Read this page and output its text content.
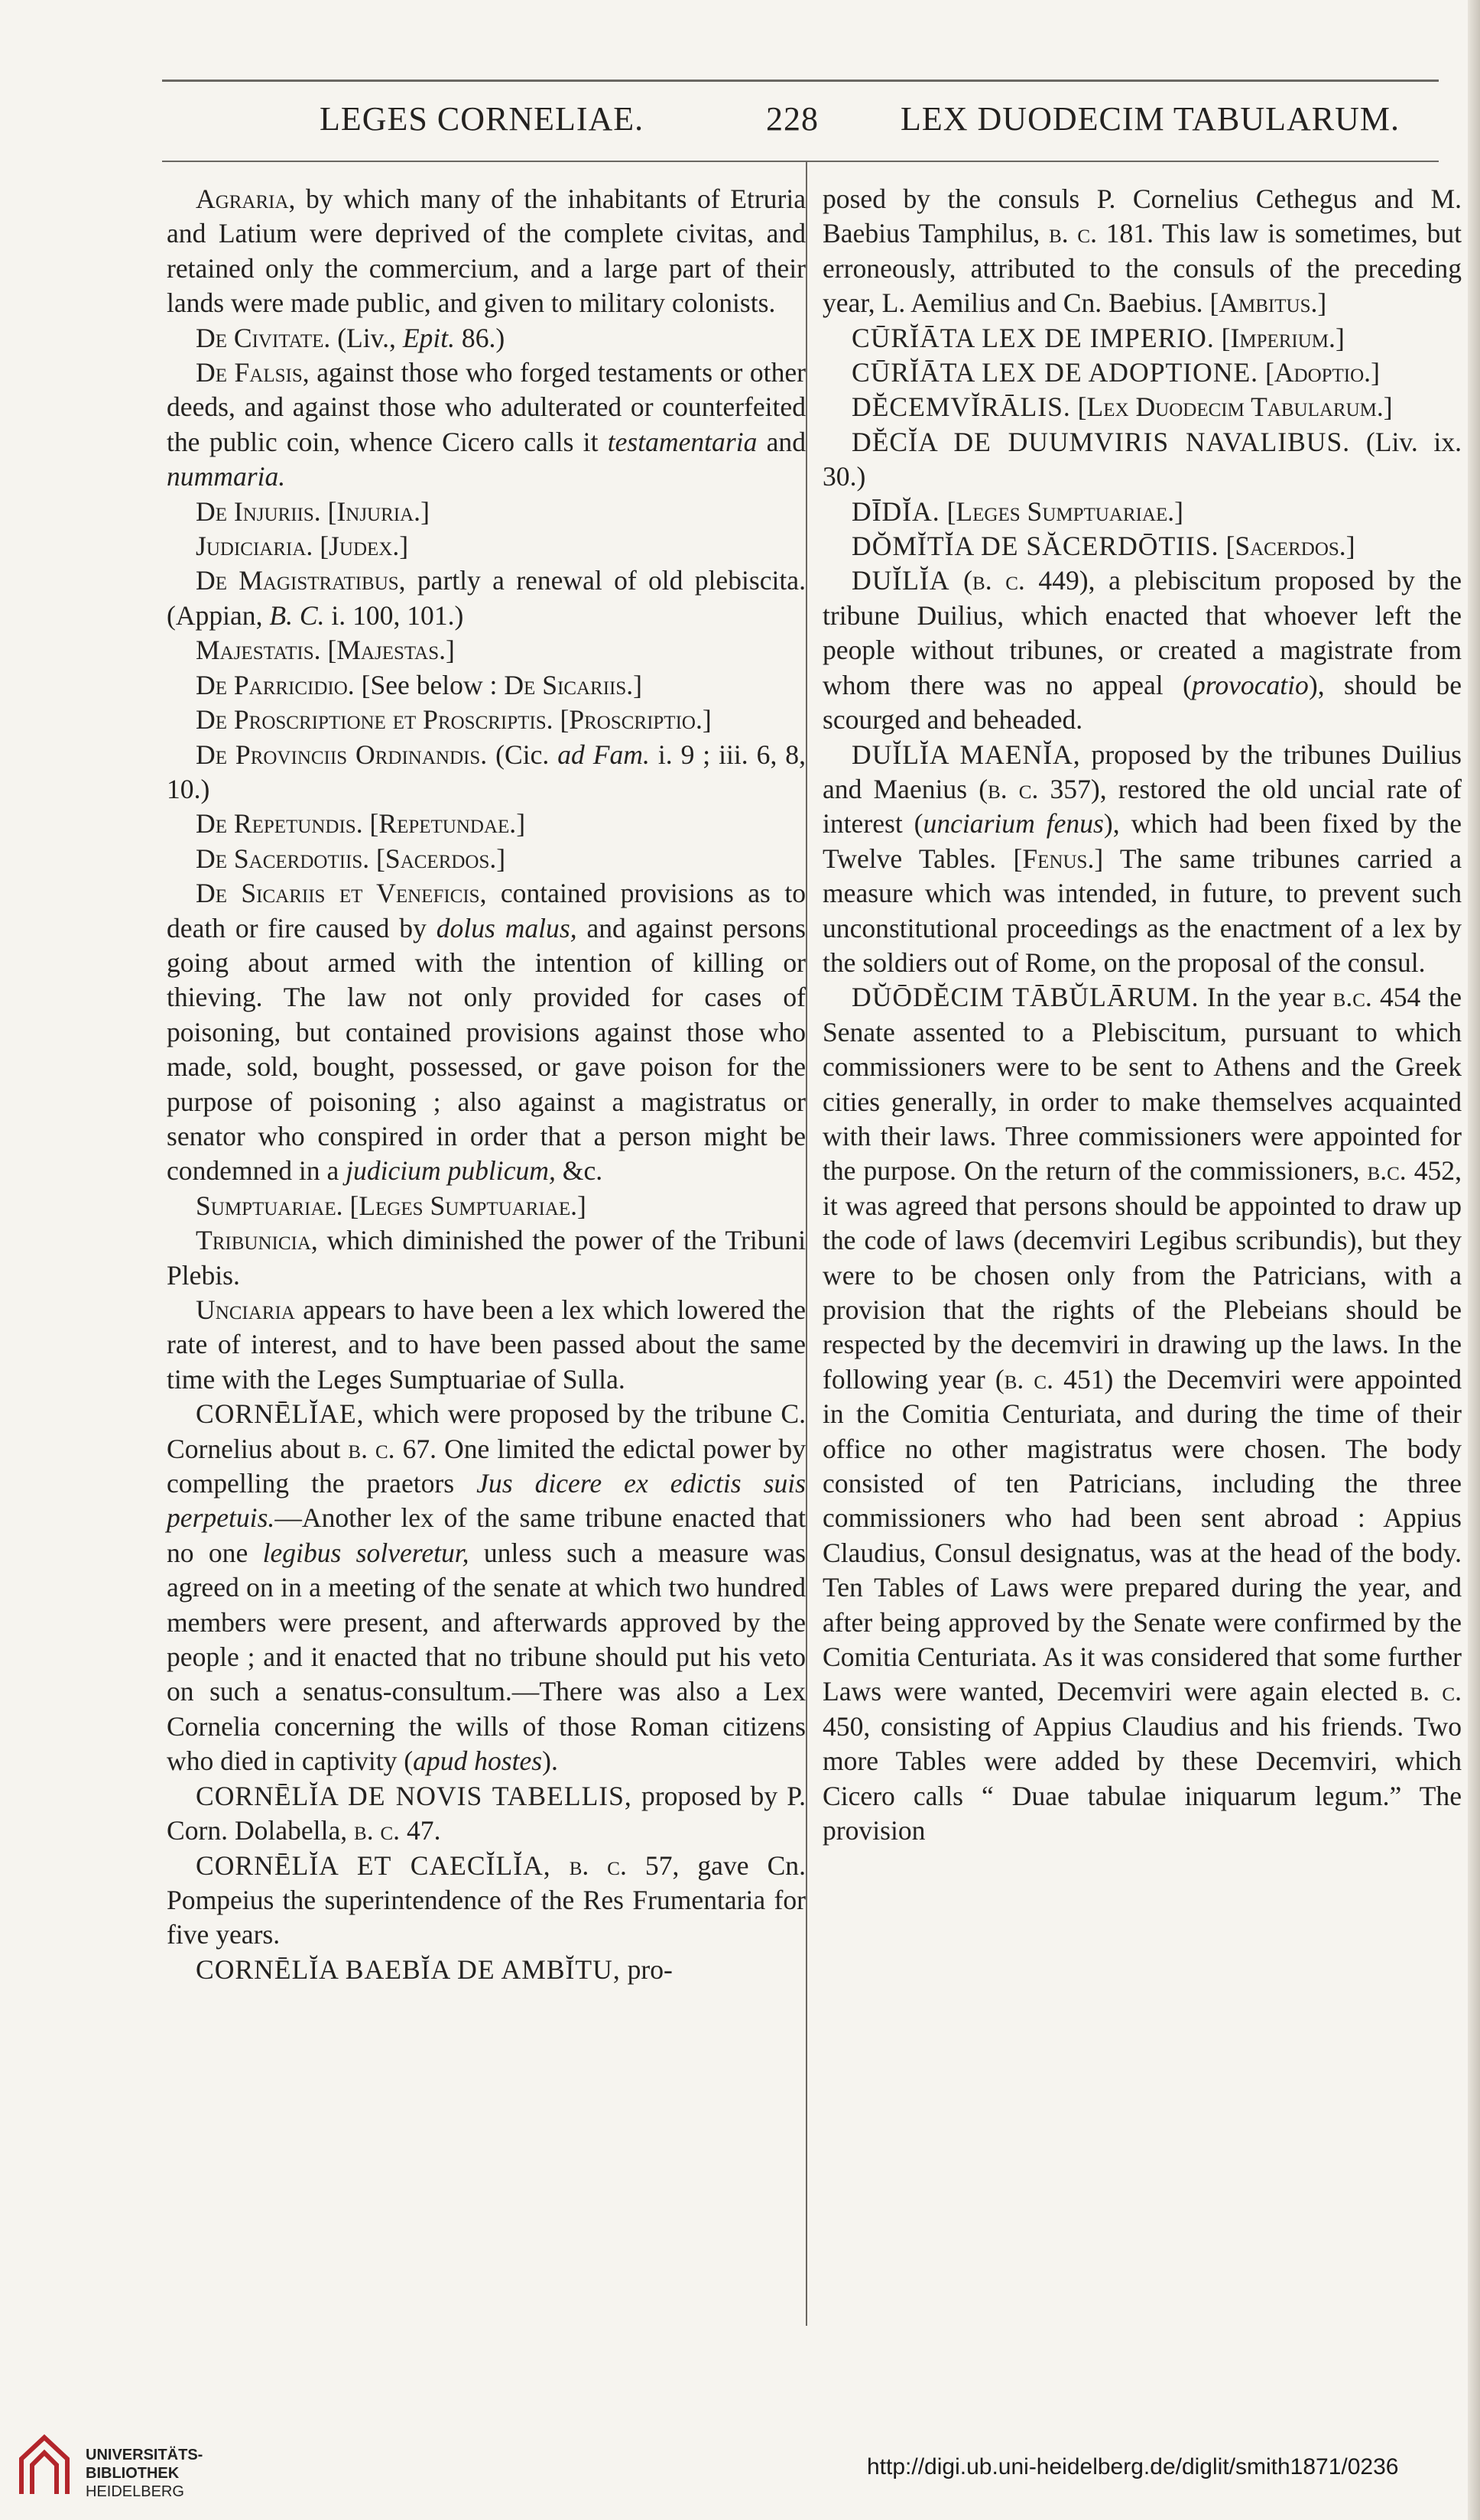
LEGES CORNELIAE.	228 LEX DUODECIM TABULARUM.

Agraria, by which many of the inhabitants of Etruria and Latium were deprived of the complete civitas, and retained only the commercium, and a large part of their lands were made public, and given to military colonists.

De Civitate. (Liv., Epit. 86.)

De Falsis, against those who forged testaments or other deeds, and against those who adulterated or counterfeited the public coin, whence Cicero calls it testamentaria and nummaria.

De Injuriis. [Injuria.]

Judiciaria. [Judex.]

De Magistratibus, partly a renewal of old plebiscita. (Appian, B. C. i. 100, 101.)

Majestatis. [Majestas.]

De Parricidio. [See below : De Sicariis.]

De Proscriptione et Proscriptis. [Proscriptio.]

De Provinciis Ordinandis. (Cic. ad Fam. i. 9 ; iii. 6, 8, 10.)

De Repetundis. [Repetundae.]

De Sacerdotiis. [Sacerdos.]

De Sicariis et Veneficis, contained provisions as to death or fire caused by dolus malus, and against persons going about armed with the intention of killing or thieving. The law not only provided for cases of poisoning, but contained provisions against those who made, sold, bought, possessed, or gave poison for the purpose of poisoning ; also against a magistratus or senator who conspired in order that a person might be condemned in a judicium publicum, &c.

Sumptuariae. [Leges Sumptuariae.]

Tribunicia, which diminished the power of the Tribuni Plebis.

Unciaria appears to have been a lex which lowered the rate of interest, and to have been passed about the same time with the Leges Sumptuariae of Sulla.

CORNĒLĬAE, which were proposed by the tribune C. Cornelius about b. c. 67. One limited the edictal power by compelling the praetors Jus dicere ex edictis suis perpetuis.—Another lex of the same tribune enacted that no one legibus solveretur, unless such a measure was agreed on in a meeting of the senate at which two hundred members were present, and afterwards approved by the people ; and it enacted that no tribune should put his veto on such a senatus-consultum.—There was also a Lex Cornelia concerning the wills of those Roman citizens who died in captivity (apud hostes).

CORNĒLĬA DE NOVIS TABELLIS, proposed by P. Corn. Dolabella, b. c. 47.

CORNĒLĬA ET CAECĬLĬA, b. c. 57, gave Cn. Pompeius the superintendence of the Res Frumentaria for five years.

CORNĒLĬA BAEBĬA DE AMBĬTU, pro-

posed by the consuls P. Cornelius Cethegus and M. Baebius Tamphilus, b. c. 181. This law is sometimes, but erroneously, attributed to the consuls of the preceding year, L. Aemilius and Cn. Baebius. [Ambitus.]

CŪRĬĀTA LEX DE IMPERIO. [Imperium.]

CŪRĬĀTA LEX DE ADOPTIONE. [Adoptio.]

DĔCEMVĬRĀLIS. [Lex Duodecim Tabularum.]

DĔCĬA DE DUUMVIRIS NAVALIBUS. (Liv. ix. 30.)

DĪDĬA. [Leges Sumptuariae.]

DŎMĬTĬA DE SĂCERDŌTIIS. [Sacerdos.]

DUĬLĬA (b. c. 449), a plebiscitum proposed by the tribune Duilius, which enacted that whoever left the people without tribunes, or created a magistrate from whom there was no appeal (provocatio), should be scourged and beheaded.

DUĬLĬA MAENĬA, proposed by the tribunes Duilius and Maenius (b. c. 357), restored the old uncial rate of interest (unciarium fenus), which had been fixed by the Twelve Tables. [Fenus.] The same tribunes carried a measure which was intended, in future, to prevent such unconstitutional proceedings as the enactment of a lex by the soldiers out of Rome, on the proposal of the consul.

DŬŌDĔCIM TĀBŬLĀRUM. In the year b.c. 454 the Senate assented to a Plebiscitum, pursuant to which commissioners were to be sent to Athens and the Greek cities generally, in order to make themselves acquainted with their laws. Three commissioners were appointed for the purpose. On the return of the commissioners, b.c. 452, it was agreed that persons should be appointed to draw up the code of laws (decemviri Legibus scribundis), but they were to be chosen only from the Patricians, with a provision that the rights of the Plebeians should be respected by the decemviri in drawing up the laws. In the following year (b. c. 451) the Decemviri were appointed in the Comitia Centuriata, and during the time of their office no other magistratus were chosen. The body consisted of ten Patricians, including the three commissioners who had been sent abroad : Appius Claudius, Consul designatus, was at the head of the body. Ten Tables of Laws were prepared during the year, and after being approved by the Senate were confirmed by the Comitia Centuriata. As it was considered that some further Laws were wanted, Decemviri were again elected b. c. 450, consisting of Appius Claudius and his friends. Two more Tables were added by these Decemviri, which Cicero calls “ Duae tabulae iniquarum legum.” The provision

UNIVERSITÄTS-
BIBLIOTHEK
HEIDELBERG
http://digi.ub.uni-heidelberg.de/diglit/smith1871/0236
